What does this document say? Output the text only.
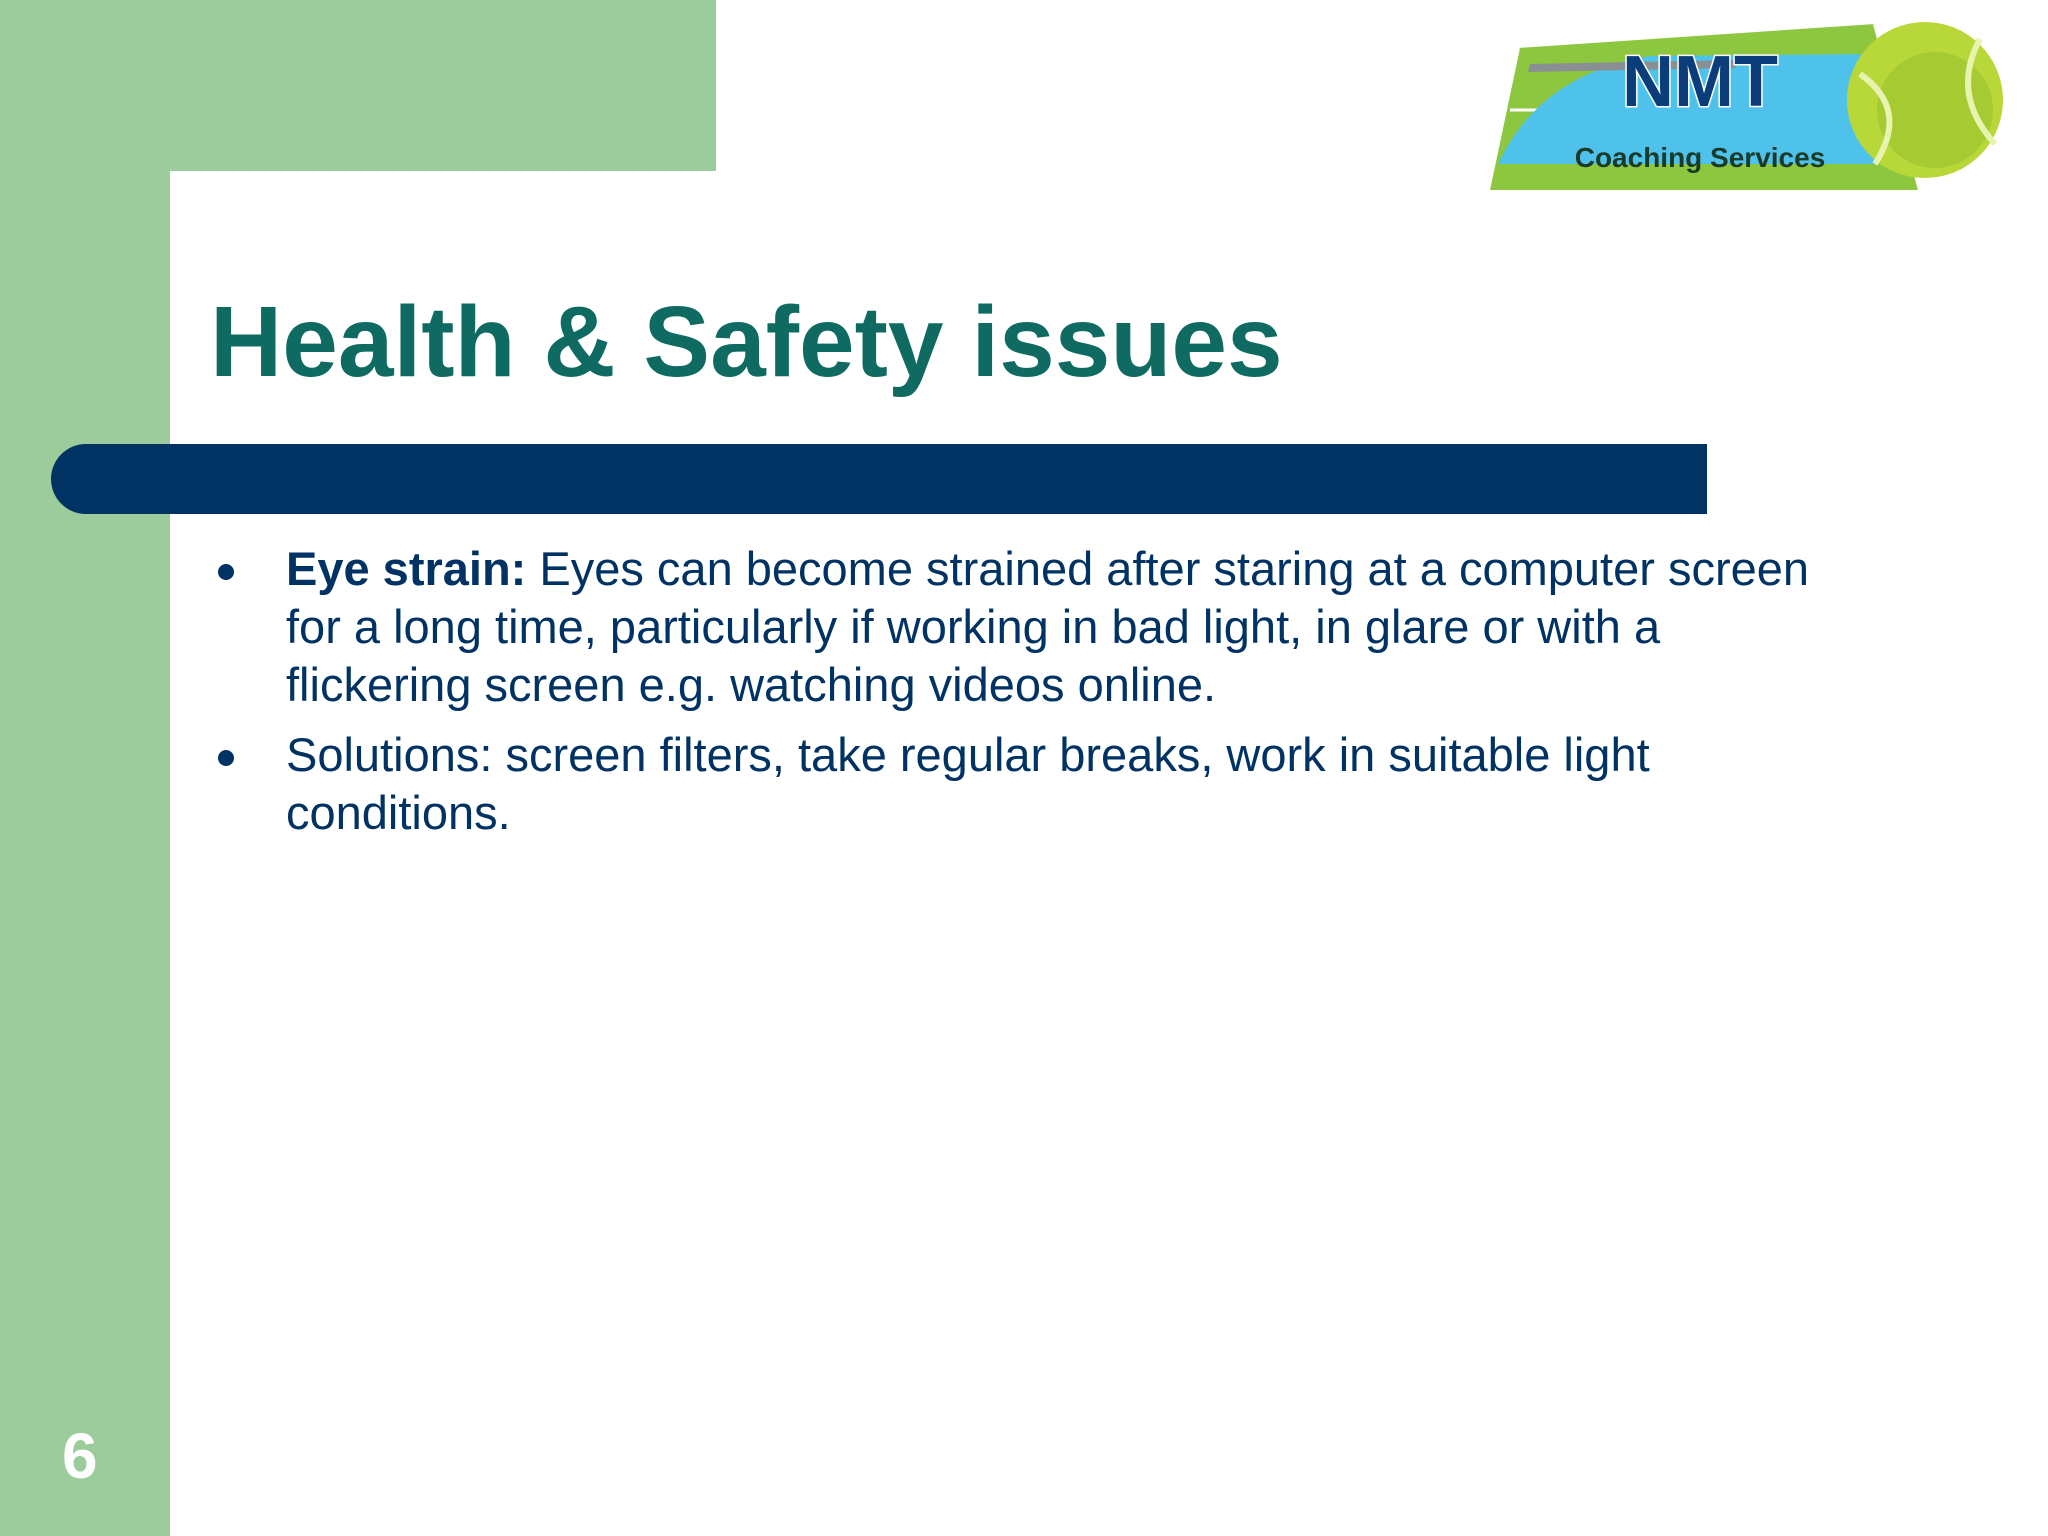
NMT
Coaching Services
Health & Safety issues
Eye strain: Eyes can become strained after staring at a computer screen for a long time, particularly if working in bad light, in glare or with a flickering screen e.g. watching videos online.
Solutions: screen filters, take regular breaks, work in suitable light conditions.
6
